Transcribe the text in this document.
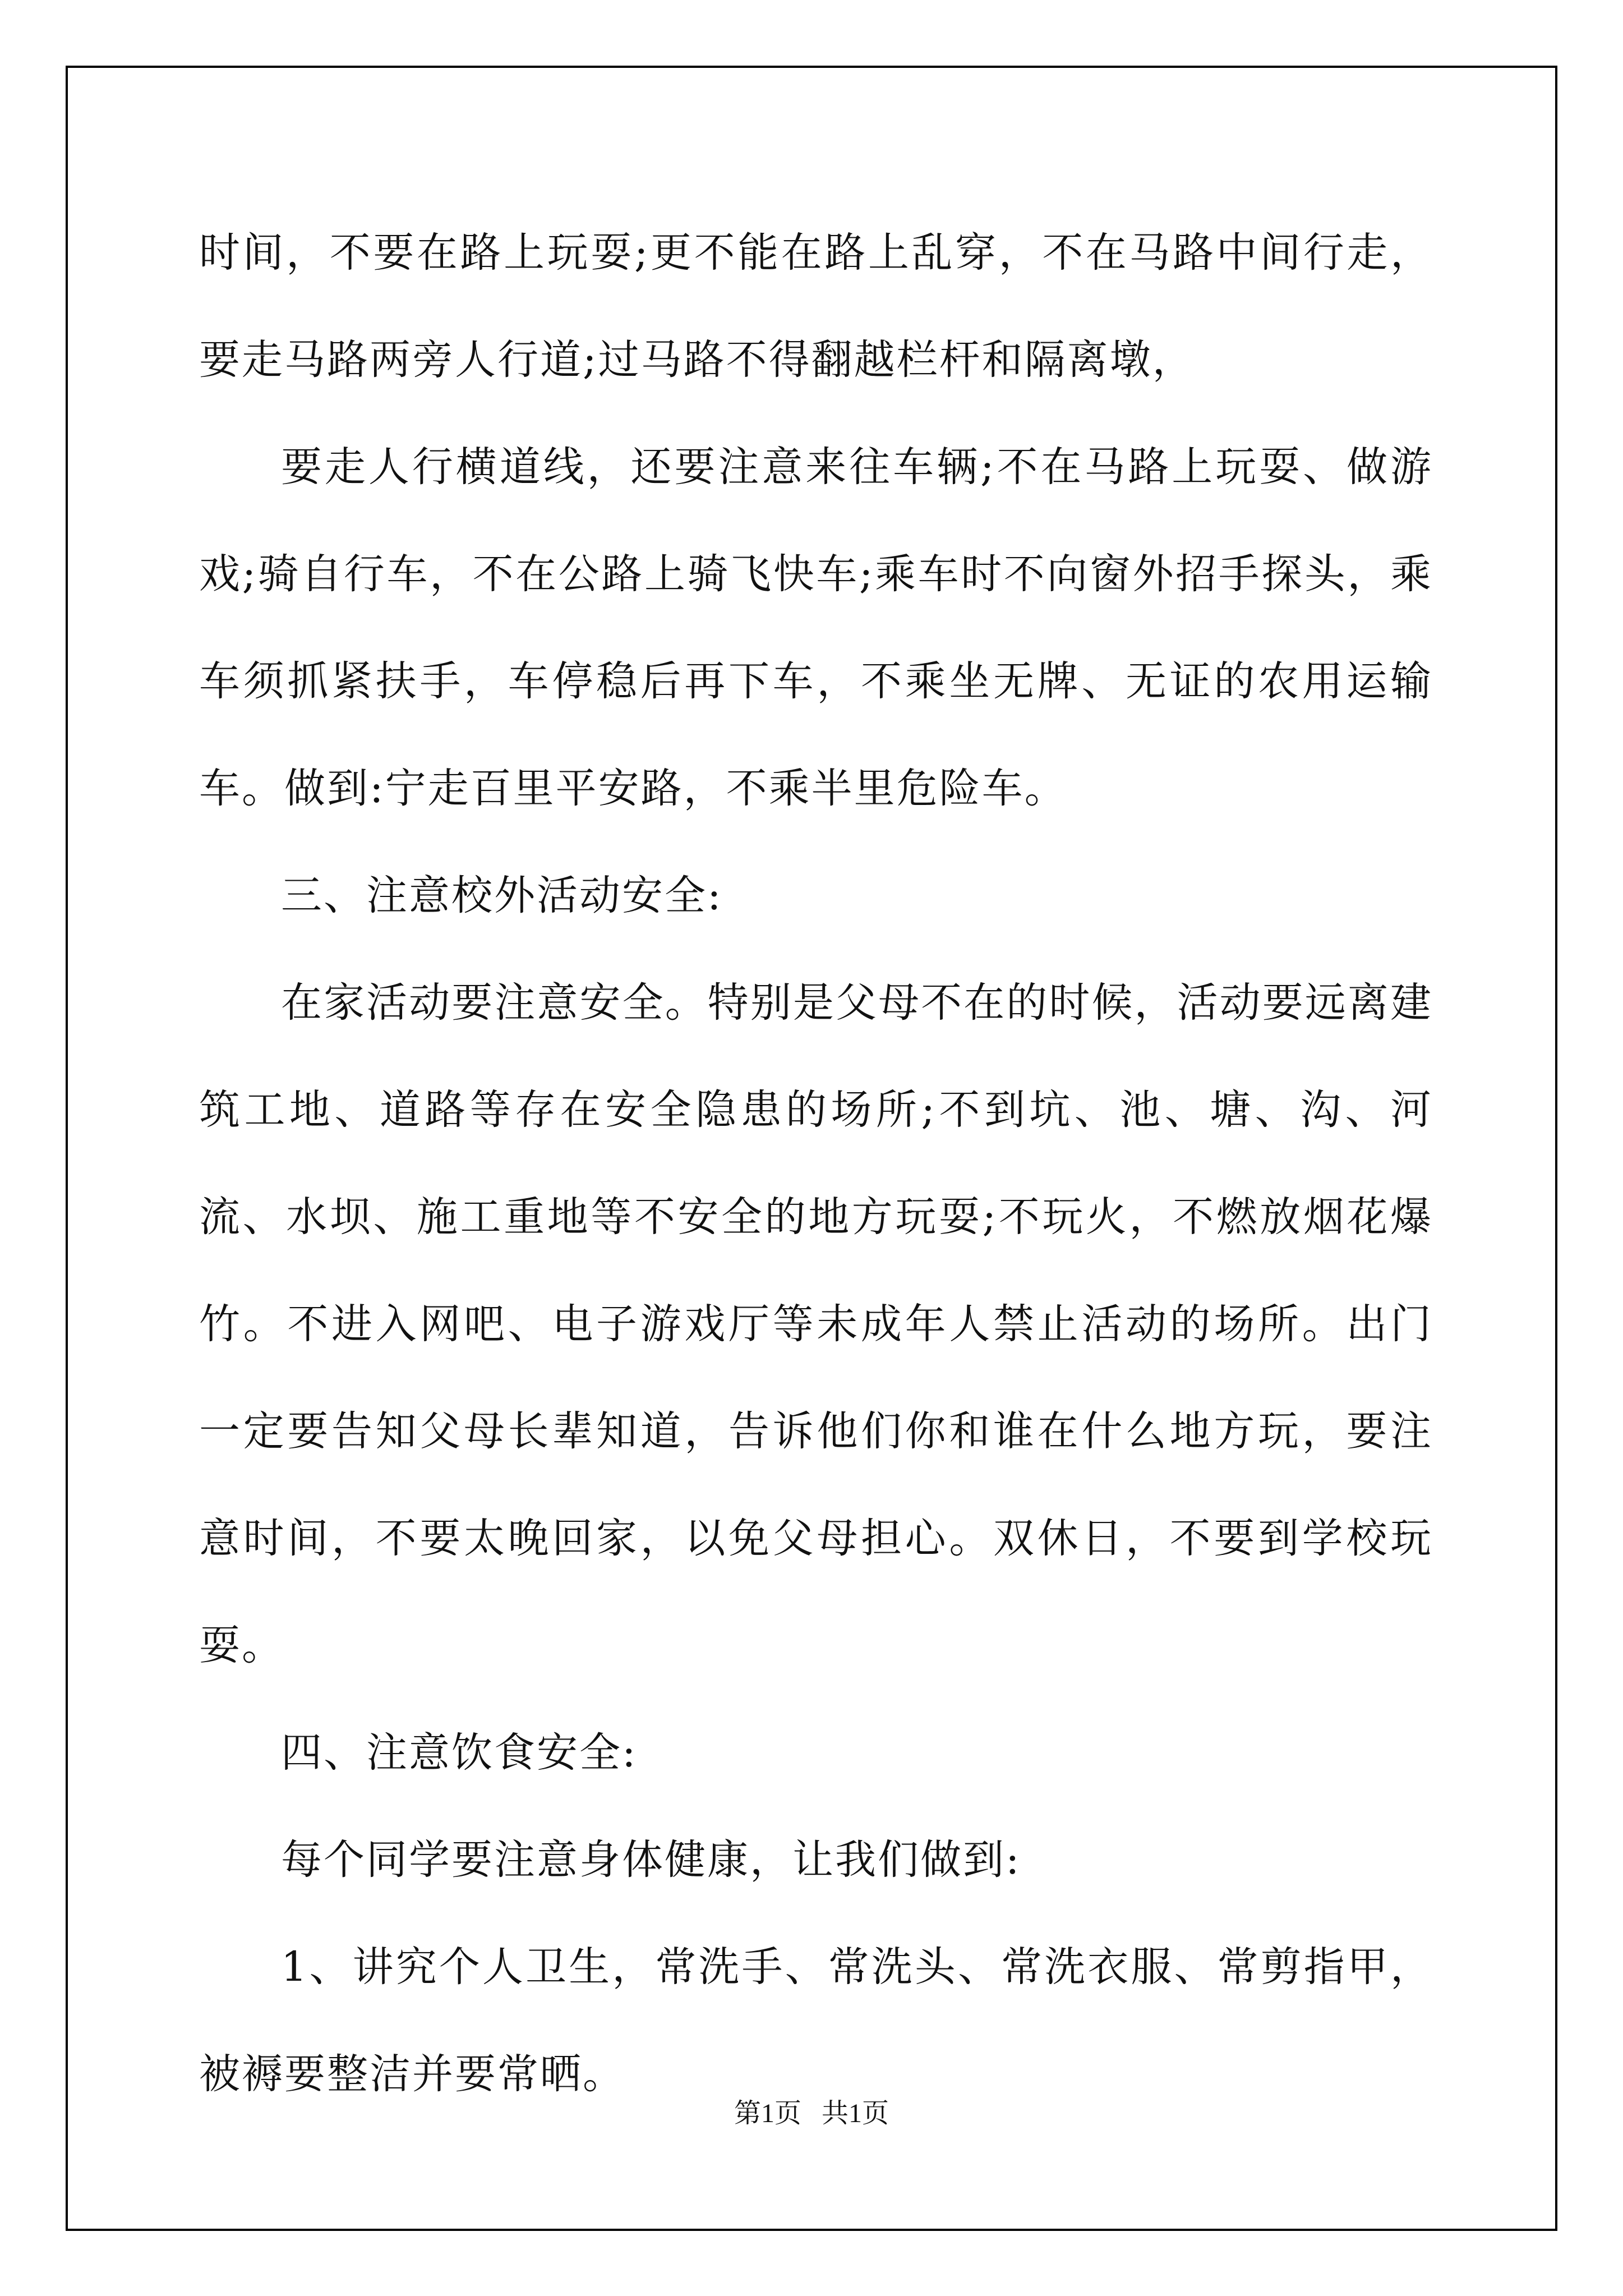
时间，不要在路上玩耍;更不能在路上乱穿，不在马路中间行走，要走马路两旁人行道;过马路不得翻越栏杆和隔离墩，

要走人行横道线，还要注意来往车辆;不在马路上玩耍、做游戏;骑自行车，不在公路上骑飞快车;乘车时不向窗外招手探头，乘车须抓紧扶手，车停稳后再下车，不乘坐无牌、无证的农用运输车。做到:宁走百里平安路，不乘半里危险车。

三、注意校外活动安全:

在家活动要注意安全。特别是父母不在的时候，活动要远离建筑工地、道路等存在安全隐患的场所;不到坑、池、塘、沟、河流、水坝、施工重地等不安全的地方玩耍;不玩火，不燃放烟花爆竹。不进入网吧、电子游戏厅等未成年人禁止活动的场所。出门一定要告知父母长辈知道，告诉他们你和谁在什么地方玩，要注意时间，不要太晚回家，以免父母担心。双休日，不要到学校玩耍。

四、注意饮食安全:

每个同学要注意身体健康，让我们做到:

1、讲究个人卫生，常洗手、常洗头、常洗衣服、常剪指甲，被褥要整洁并要常晒。

第1页   共1页
